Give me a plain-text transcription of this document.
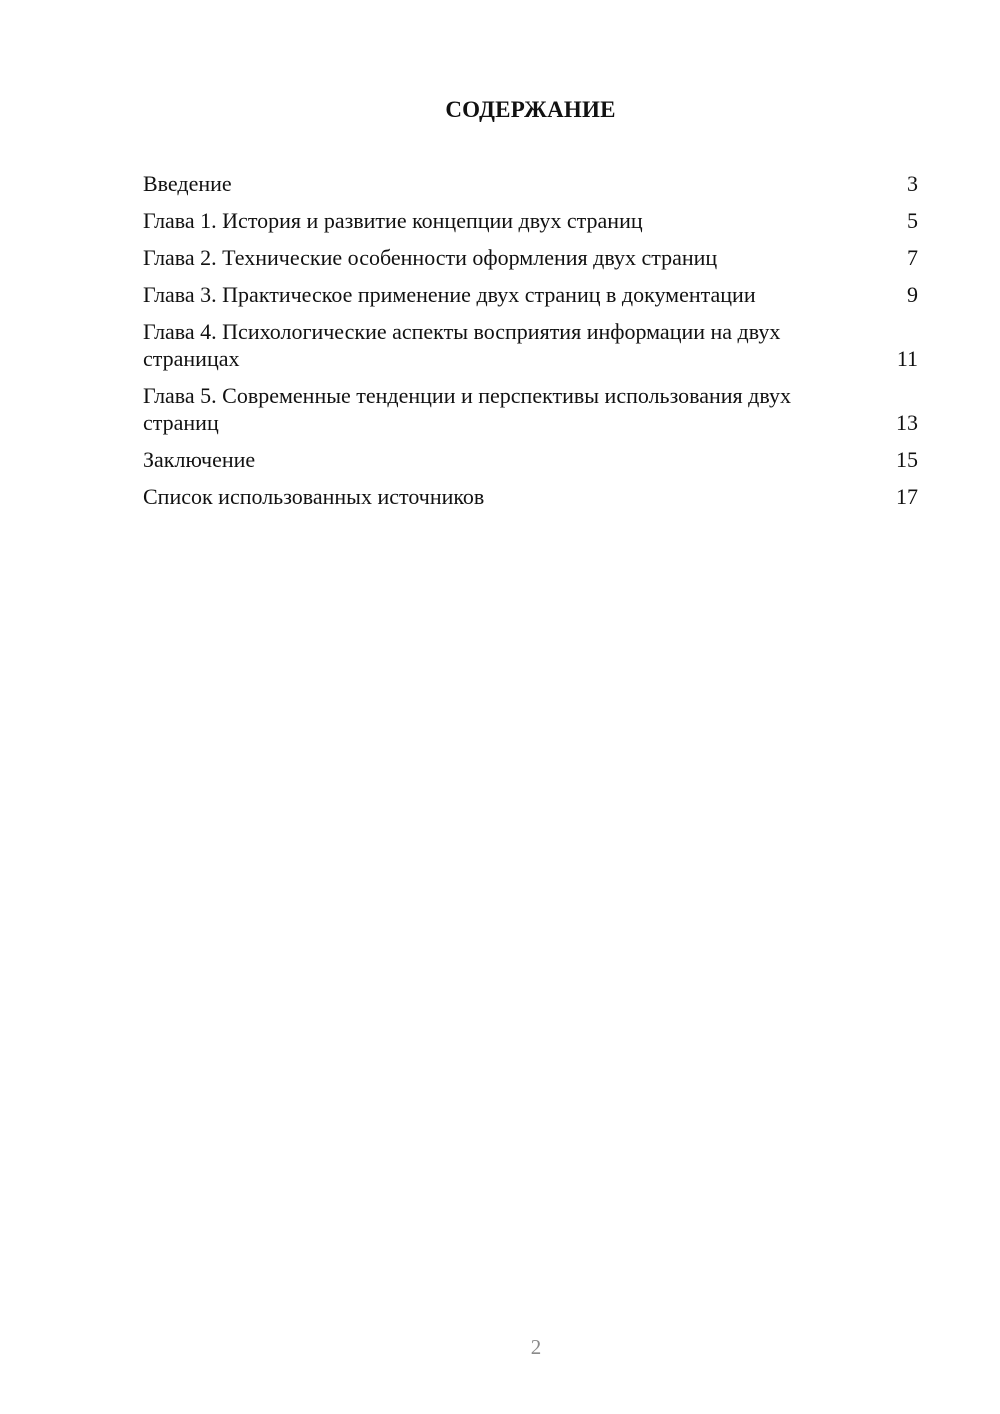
СОДЕРЖАНИЕ
Введение	3
Глава 1. История и развитие концепции двух страниц	5
Глава 2. Технические особенности оформления двух страниц	7
Глава 3. Практическое применение двух страниц в документации	9
Глава 4. Психологические аспекты восприятия информации на двух страницах	11
Глава 5. Современные тенденции и перспективы использования двух страниц	13
Заключение	15
Список использованных источников	17
2
